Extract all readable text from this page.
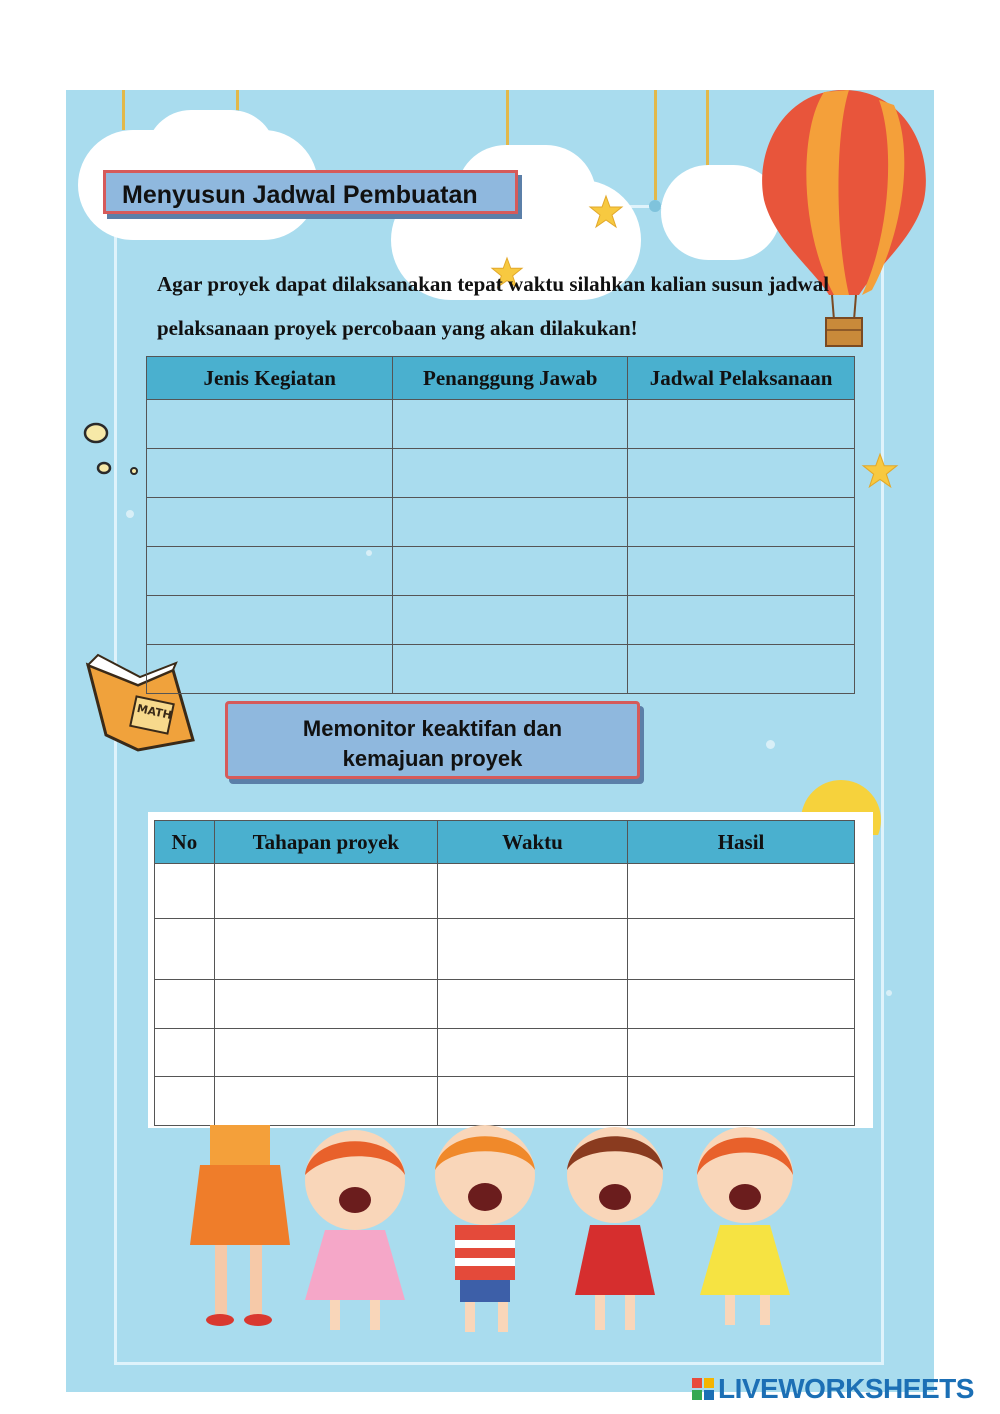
MATH
Menyusun Jadwal Pembuatan
Agar proyek dapat dilaksanakan tepat waktu silahkan kalian susun jadwal pelaksanaan proyek percobaan yang akan dilakukan!
Jenis Kegiatan	Penanggung Jawab	Jadwal Pelaksanaan

Memonitor keaktifan dan
kemajuan proyek
No	Tahapan proyek	Waktu	Hasil

LIVEWORKSHEETS
